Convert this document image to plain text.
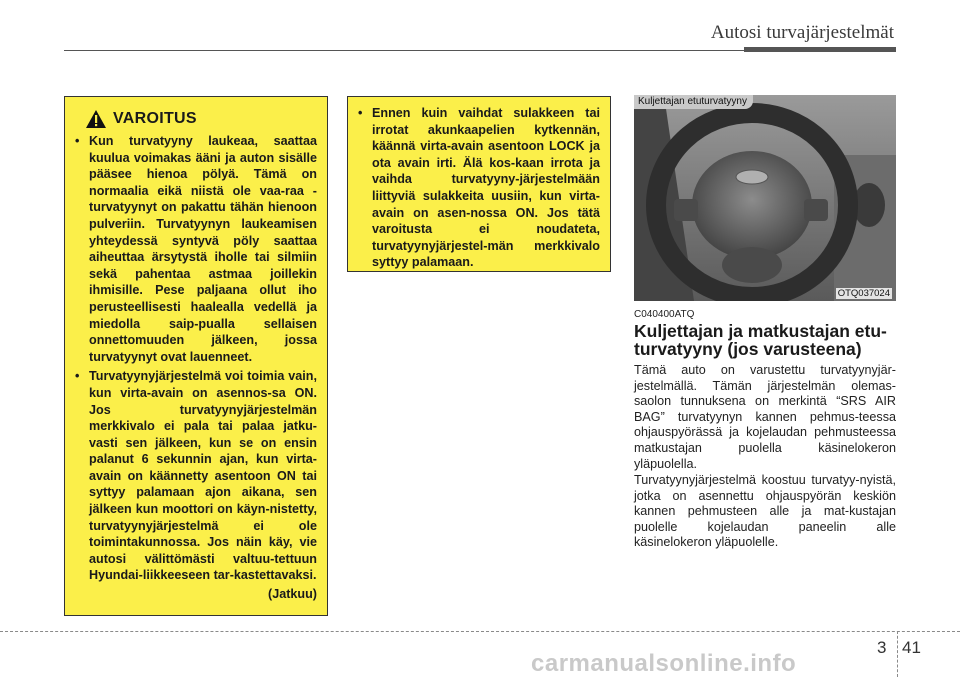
Autosi turvajärjestelmät
VAROITUS
• Kun turvatyyny laukeaa, saattaa kuulua voimakas ääni ja auton sisälle pääsee hienoa pölyä. Tämä on normaalia eikä niistä ole vaa-raa - turvatyynyt on pakattu tähän hienoon pulveriin. Turvatyynyn laukeamisen yhteydessä syntyvä pöly saattaa aiheuttaa ärsytystä iholle tai silmiin sekä pahentaa astmaa joillekin ihmisille. Pese paljaana ollut iho perusteellisesti haalealla vedellä ja miedolla saip-pualla sellaisen onnettomuuden jälkeen, jossa turvatyynyt ovat lauenneet.
• Turvatyynyjärjestelmä voi toimia vain, kun virta-avain on asennos-sa ON. Jos turvatyynyjärjestelmän merkkivalo ei pala tai palaa jatku-vasti sen jälkeen, kun se on ensin palanut 6 sekunnin ajan, kun virta-avain on käännetty asentoon ON tai syttyy palamaan ajon aikana, sen jälkeen kun moottori on käyn-nistetty, turvatyynyjärjestelmä ei ole toimintakunnossa. Jos näin käy, vie autosi välittömästi valtuu-tettuun Hyundai-liikkeeseen tar-kastettavaksi.
(Jatkuu)
• Ennen kuin vaihdat sulakkeen tai irrotat akunkaapelien kytkennän, käännä virta-avain asentoon LOCK ja ota avain irti. Älä kos-kaan irrota ja vaihda turvatyyny-järjestelmään liittyviä sulakkeita uusiin, kun virta-avain on asen-nossa ON. Jos tätä varoitusta ei noudateta, turvatyynyjärjestel-män merkkivalo syttyy palamaan.
Kuljettajan etuturvatyyny
OTQ037024
C040400ATQ
Kuljettajan ja matkustajan etu-turvatyyny (jos varusteena)
Tämä auto on varustettu turvatyynyjär-jestelmällä. Tämän järjestelmän olemas-saolon tunnuksena on merkintä “SRS AIR BAG” turvatyynyn kannen pehmus-teessa ohjauspyörässä ja kojelaudan pehmusteessa matkustajan puolella käsinelokeron yläpuolella.
Turvatyynyjärjestelmä koostuu turvatyy-nyistä, jotka on asennettu ohjauspyörän keskiön kannen pehmusteen alle ja mat-kustajan puolelle kojelaudan paneelin alle käsinelokeron yläpuolelle.
3 41
carmanualsonline.info
